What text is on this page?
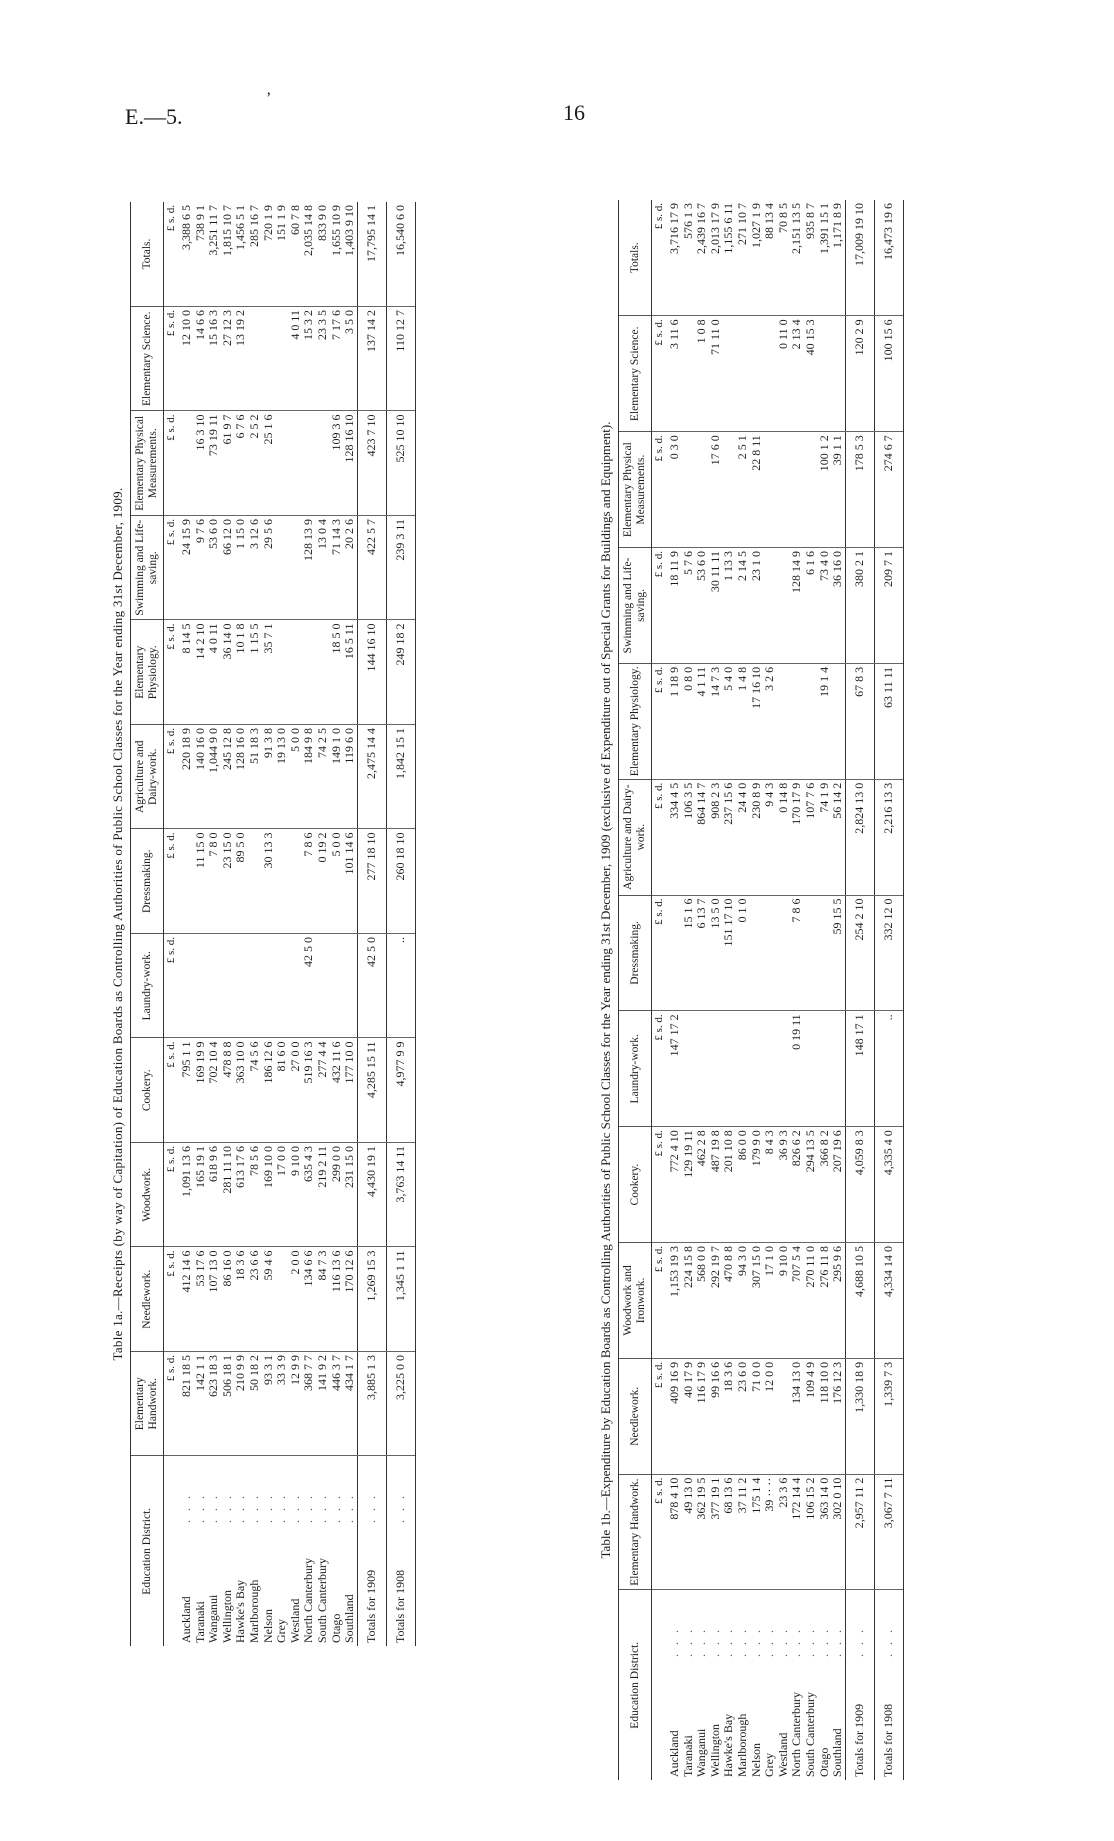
E.—5.
’
16
Table 1a.—Receipts (by way of Capitation) of Education Boards as Controlling Authorities of Public School Classes for the Year ending 31st December, 1909.
Education District.	Elementary Handwork.	Needlework.	Woodwork.	Cookery.	Laundry-work.	Dressmaking.	Agriculture and Dairy-work.	Elementary Physiology.	Swimming and Life-saving.	Elementary Physical Measurements.	Elementary Science.	Totals.
	£ s. d.	£ s. d.	£ s. d.	£ s. d.	£ s. d.	£ s. d.	£ s. d.	£ s. d.	£ s. d.	£ s. d.	£ s. d.	£ s. d.
Auckland. . .	821 18 5	412 14 6	1,091 13 6	795 1 1			220 18 9	8 14 5	24 15 9		12 10 0	3,388 6 5
Taranaki. . .	142 1 1	53 17 6	165 19 1	169 19 9		11 15 0	140 16 0	14 2 10	9 7 6	16 3 10	14 6 6	738 9 1
Wanganui. . .	623 18 3	107 13 0	618 9 6	702 10 4		7 8 0	1,044 9 0	4 0 11	53 6 0	73 19 11	15 16 3	3,251 11 7
Wellington. . .	506 18 1	86 16 0	281 11 10	478 8 8		23 15 0	245 12 8	36 14 0	66 12 0	61 9 7	27 12 3	1,815 10 7
Hawke's Bay. . .	210 9 9	18 3 6	613 17 6	363 10 0		89 5 0	128 16 0	10 1 8	1 15 0	6 7 6	13 19 2	1,456 5 1
Marlborough. . .	50 18 2	23 6 6	78 5 6	74 5 6			51 18 3	1 15 5	3 12 6	2 5 2		285 16 7
Nelson. . .	93 3 1	59 4 6	169 10 0	186 12 6		30 13 3	91 3 8	35 7 1	29 5 6	25 1 6		720 1 9
Grey. . .	33 3 9		17 0 0	81 6 0			19 13 0					151 1 9
Westland. . .	12 9 9	2 0 0	9 10 0	27 0 0			5 0 0				4 0 11	60 7 8
North Canterbury. . .	368 7 7	134 6 6	635 4 3	519 16 3	42 5 0	7 8 6	184 9 8		128 13 9		15 3 2	2,035 14 8
South Canterbury. . .	141 9 2	84 7 3	219 2 11	277 4 4		0 19 2	74 2 5		13 0 4		23 3 5	833 9 0
Otago. . .	446 3 7	116 13 6	299 0 0	432 11 6		5 0 0	149 1 0	18 5 0	71 14 3	109 3 6	7 17 6	1,655 10 9
Southland. . .	434 1 7	170 12 6	231 15 0	177 10 0		101 14 6	119 6 0	16 5 11	20 2 6	128 16 10	3 5 0	1,403 9 10
Totals for 1909. . .	3,885 1 3	1,269 15 3	4,430 19 1	4,285 15 11	42 5 0	277 18 10	2,475 14 4	144 16 10	422 5 7	423 7 10	137 14 2	17,795 14 1
Totals for 1908. . .	3,225 0 0	1,345 1 11	3,763 14 11	4,977 9 9	..	260 18 10	1,842 15 1	249 18 2	239 3 11	525 10 10	110 12 7	16,540 6 0
Table 1b.—Expenditure by Education Boards as Controlling Authorities of Public School Classes for the Year ending 31st December, 1909 (exclusive of Expenditure out of Special Grants for Buildings and Equipment).
Education District.	Elementary Handwork.	Needlework.	Woodwork and Ironwork.	Cookery.	Laundry-work.	Dressmaking.	Agriculture and Dairy-work.	Elementary Physiology.	Swimming and Life-saving.	Elementary Physical Measurements.	Elementary Science.	Totals.
	£ s. d.	£ s. d.	£ s. d.	£ s. d.	£ s. d.	£ s. d.	£ s. d.	£ s. d.	£ s. d.	£ s. d.	£ s. d.	£ s. d.
Auckland. . .	878 4 10	409 16 9	1,153 19 3	772 4 10	147 17 2		334 4 5	1 18 9	18 11 9	0 3 0	3 11 6	3,716 17 9
Taranaki. . .	49 13 0	40 17 9	224 15 8	129 19 11		15 1 6	106 3 5	0 8 0	5 7 6			576 1 3
Wanganui. . .	362 19 5	116 17 9	568 0 0	462 2 8		6 13 7	864 14 7	4 1 11	53 6 0		1 0 8	2,439 16 7
Wellington. . .	377 19 1	99 16 6	292 19 7	487 19 8		13 5 0	908 2 3	14 7 3	30 11 11	17 6 0	71 11 0	2,013 17 9
Hawke's Bay. . .	68 13 6	18 3 6	470 8 8	201 10 8		151 17 10	237 15 6	5 4 0	1 13 3			1,155 6 11
Marlborough. . .	37 11 2	23 6 0	94 3 0	86 0 0		0 1 0	24 4 0	1 4 8	2 14 5	2 5 1		271 10 7
Nelson. . .	175 1 4	71 0 0	307 15 0	179 9 0			230 8 9	17 16 10	23 1 0	22 8 11		1,027 1 9
Grey. . .	39 ·· ··	12 0 0	17 1 0	8 4 3			9 4 3	3 2 6				88 13 4
Westland. . .	23 3 6		9 10 0	36 9 3			0 14 8				0 11 0	70 8 5
North Canterbury. . .	172 14 4	134 13 0	707 5 4	826 6 2	0 19 11	7 8 6	170 17 9		128 14 9		2 13 4	2,151 13 5
South Canterbury. . .	106 15 2	109 4 9	270 11 0	294 13 5			107 7 6		6 1 6		40 15 3	935 8 7
Otago. . .	363 14 0	118 10 0	276 11 8	366 8 2			74 1 9	19 1 4	73 4 0	100 1 2		1,391 15 1
Southland. . .	302 0 10	176 12 3	295 9 6	207 19 6		59 15 5	56 14 2		36 16 0	39 1 1		1,171 8 9
Totals for 1909. . .	2,957 11 2	1,330 18 9	4,688 10 5	4,059 8 3	148 17 1	254 2 10	2,824 13 0	67 8 3	380 2 1	178 5 3	120 2 9	17,009 19 10
Totals for 1908. . .	3,067 7 11	1,339 7 3	4,334 14 0	4,335 4 0	..	332 12 0	2,216 13 3	63 11 11	209 7 1	274 6 7	100 15 6	16,473 19 6
